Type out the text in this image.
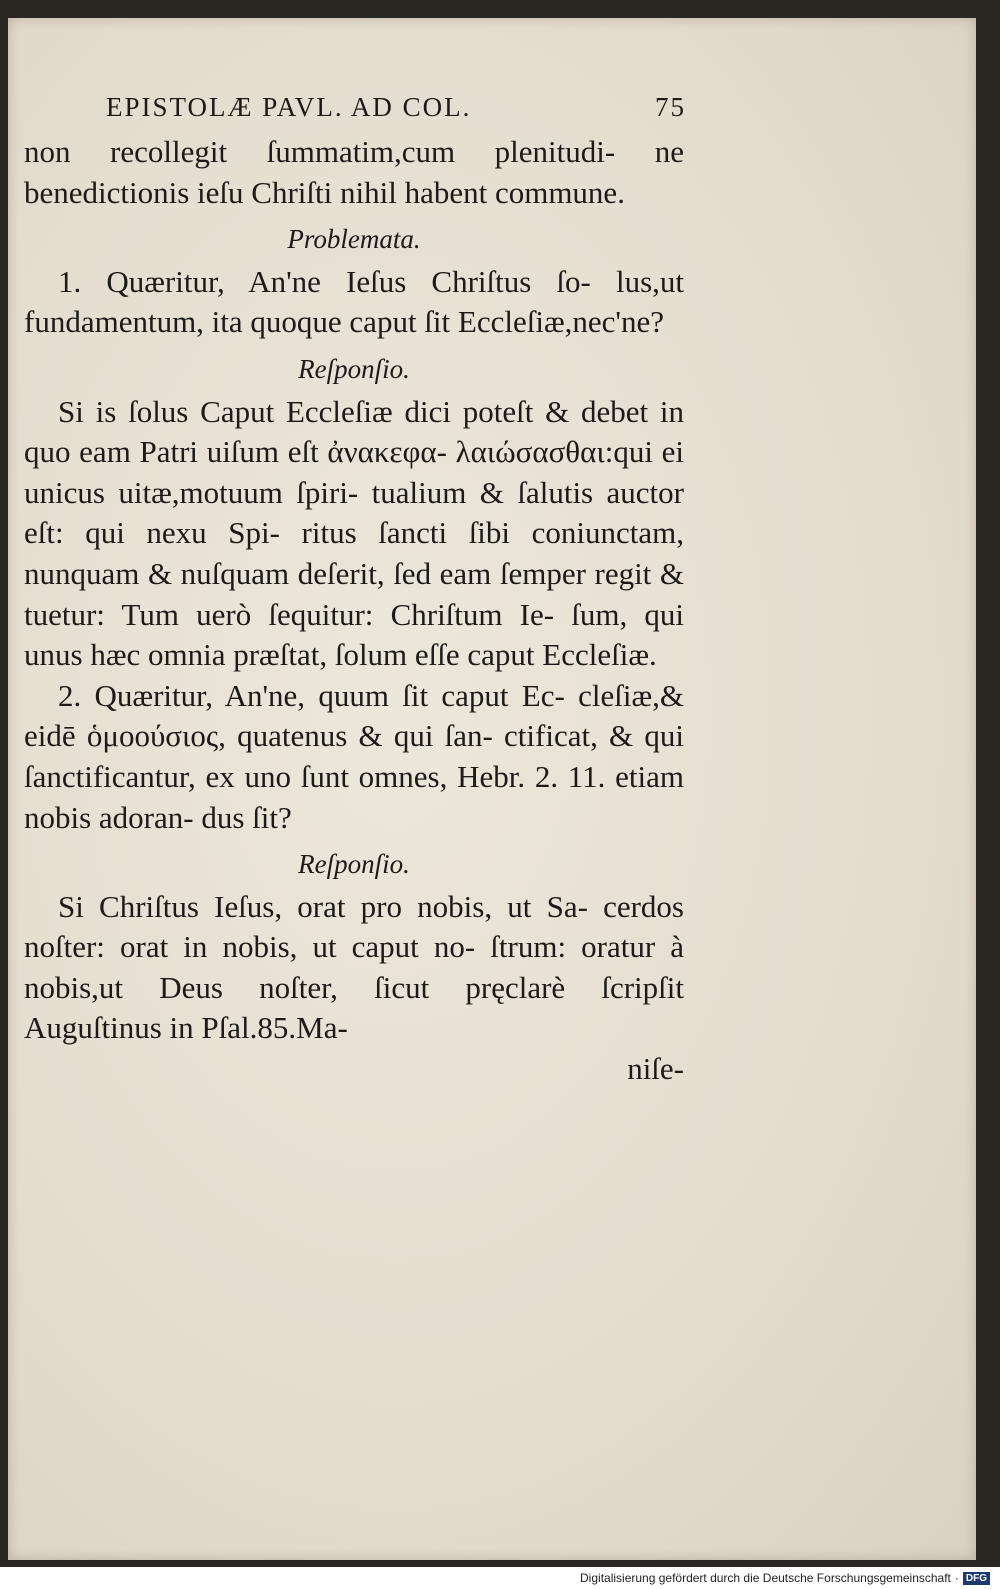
EPISTOLÆ PAVL. AD COL.	75

non recollegit ſummatim,cum plenitudi- ne benedictionis ieſu Chriſti nihil habent commune.

Problemata.

1. Quæritur, An'ne Ieſus Chriſtus ſo- lus,ut fundamentum, ita quoque caput ſit Eccleſiæ,nec'ne?

Reſponſio.

Si is ſolus Caput Eccleſiæ dici poteſt & debet in quo eam Patri uiſum eſt ἀνακεφα- λαιώσασθαι:qui ei unicus uitæ,motuum ſpiri- tualium & ſalutis auctor eſt: qui nexu Spi- ritus ſancti ſibi coniunctam, nunquam & nuſquam deſerit, ſed eam ſemper regit & tuetur: Tum uerò ſequitur: Chriſtum Ie- ſum, qui unus hæc omnia præſtat, ſolum eſſe caput Eccleſiæ.

2. Quæritur, An'ne, quum ſit caput Ec- cleſiæ,& eidē ὁμοούσιος, quatenus & qui ſan- ctificat, & qui ſanctificantur, ex uno ſunt omnes, Hebr. 2. 11. etiam nobis adoran- dus ſit?

Reſponſio.

Si Chriſtus Ieſus, orat pro nobis, ut Sa- cerdos noſter: orat in nobis, ut caput no- ſtrum: oratur à nobis,ut Deus noſter, ſicut pręclarè ſcripſit Auguſtinus in Pſal.85.Ma-

niſe-

Digitalisierung gefördert durch die Deutsche Forschungsgemeinschaft · DFG
